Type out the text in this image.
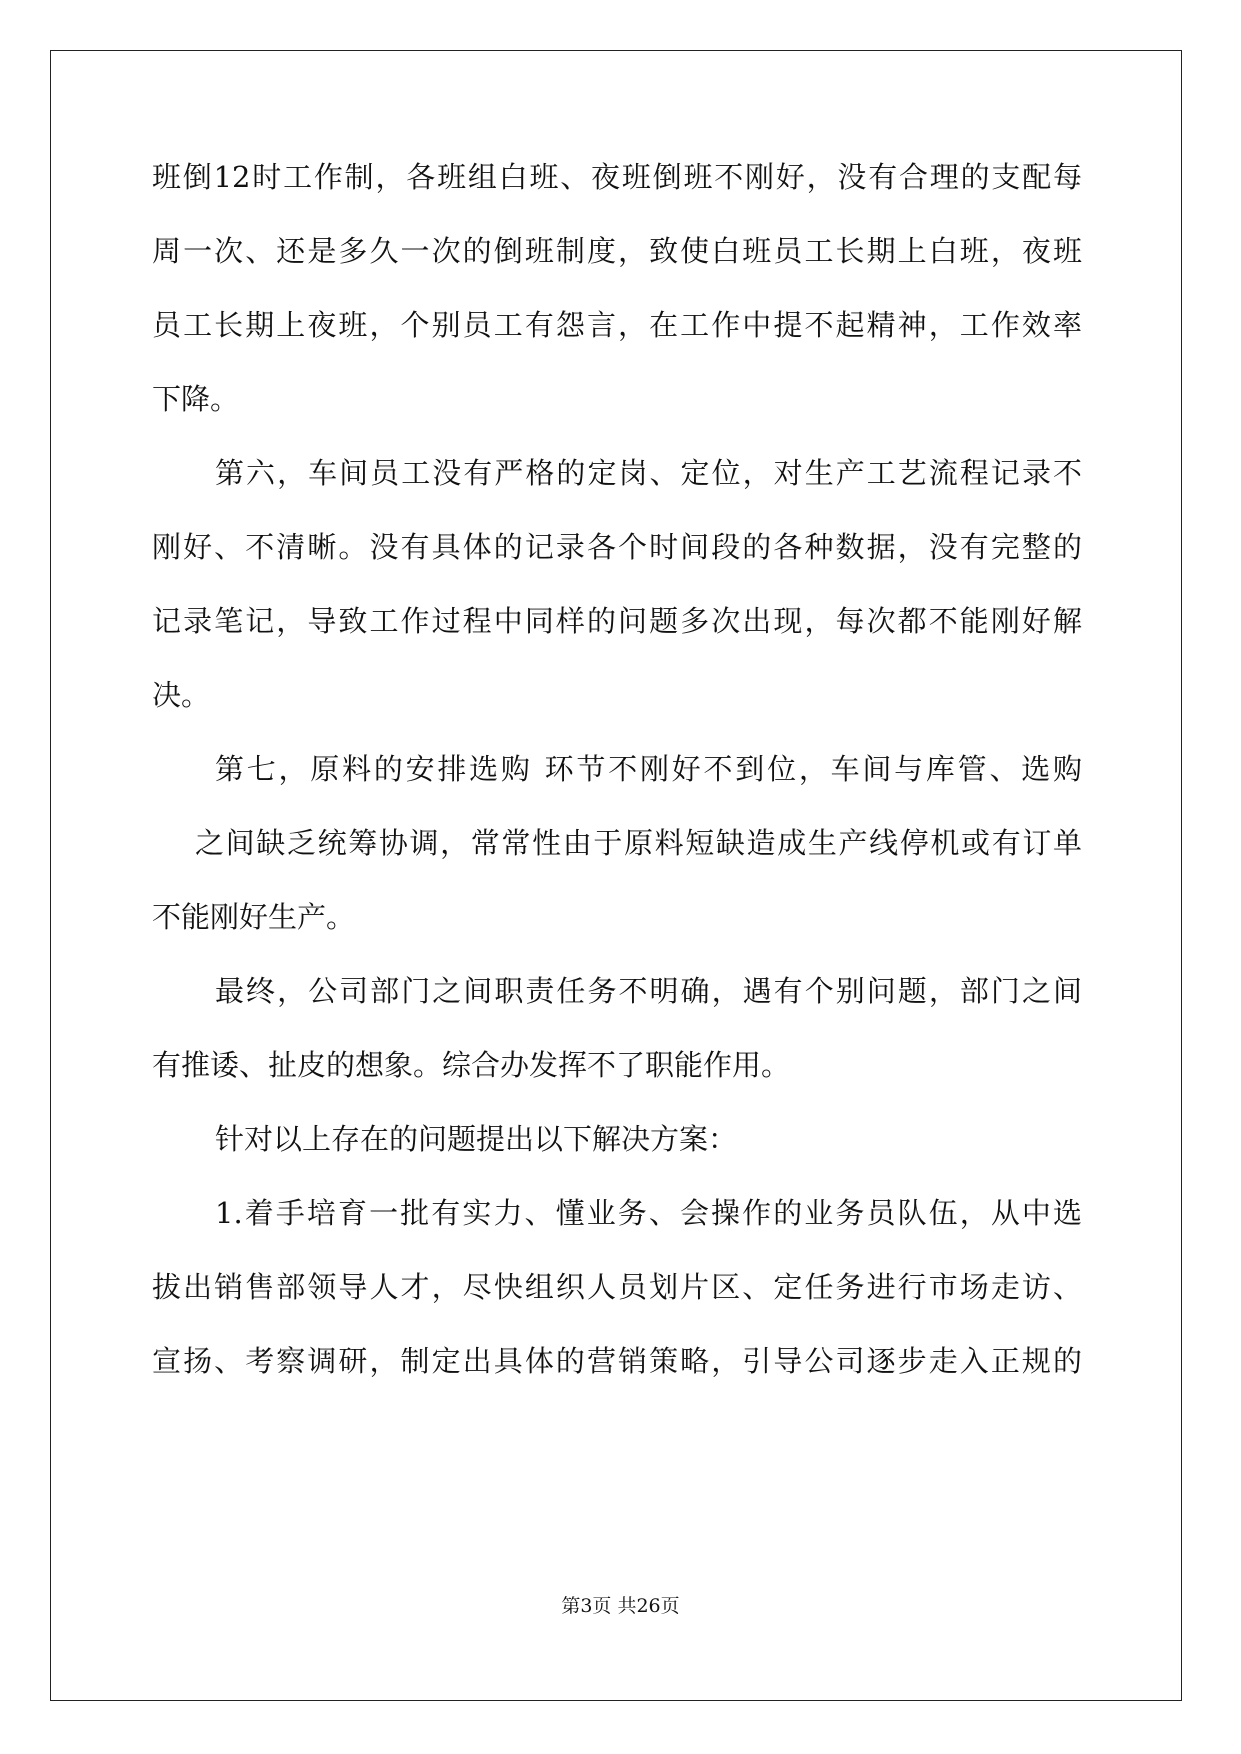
班倒12时工作制，各班组白班、夜班倒班不刚好，没有合理的支配每
周一次、还是多久一次的倒班制度，致使白班员工长期上白班，夜班
员工长期上夜班，个别员工有怨言，在工作中提不起精神，工作效率
下降。
第六，车间员工没有严格的定岗、定位，对生产工艺流程记录不
刚好、不清晰。没有具体的记录各个时间段的各种数据，没有完整的
记录笔记，导致工作过程中同样的问题多次出现，每次都不能刚好解
决。
第七，原料的安排选购 环节不刚好不到位，车间与库管、选购
之间缺乏统筹协调，常常性由于原料短缺造成生产线停机或有订单
不能刚好生产。
最终，公司部门之间职责任务不明确，遇有个别问题，部门之间
有推诿、扯皮的想象。综合办发挥不了职能作用。
针对以上存在的问题提出以下解决方案：
1.着手培育一批有实力、懂业务、会操作的业务员队伍，从中选
拔出销售部领导人才，尽快组织人员划片区、定任务进行市场走访、
宣扬、考察调研，制定出具体的营销策略，引导公司逐步走入正规的
第3页 共26页
